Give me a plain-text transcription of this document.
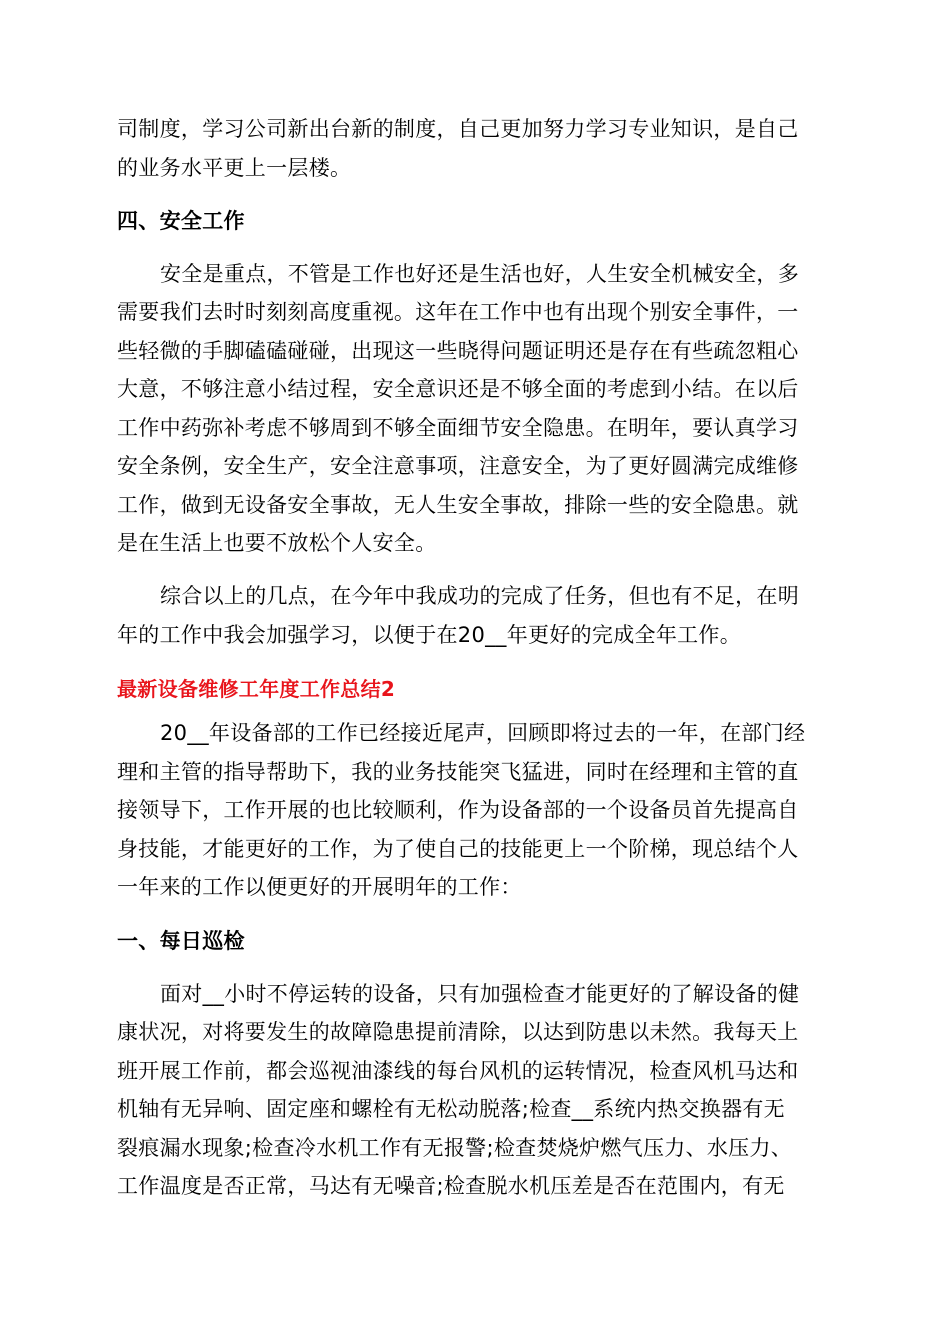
司制度，学习公司新出台新的制度，自己更加努力学习专业知识，是自己
的业务水平更上一层楼。
四、安全工作
安全是重点，不管是工作也好还是生活也好，人生安全机械安全，多
需要我们去时时刻刻高度重视。这年在工作中也有出现个别安全事件，一
些轻微的手脚磕磕碰碰，出现这一些晓得问题证明还是存在有些疏忽粗心
大意，不够注意小结过程，安全意识还是不够全面的考虑到小结。在以后
工作中药弥补考虑不够周到不够全面细节安全隐患。在明年，要认真学习
安全条例，安全生产，安全注意事项，注意安全，为了更好圆满完成维修
工作，做到无设备安全事故，无人生安全事故，排除一些的安全隐患。就
是在生活上也要不放松个人安全。
综合以上的几点，在今年中我成功的完成了任务，但也有不足，在明
年的工作中我会加强学习，以便于在20__年更好的完成全年工作。
最新设备维修工年度工作总结2
20__年设备部的工作已经接近尾声，回顾即将过去的一年，在部门经
理和主管的指导帮助下，我的业务技能突飞猛进，同时在经理和主管的直
接领导下，工作开展的也比较顺利，作为设备部的一个设备员首先提高自
身技能，才能更好的工作，为了使自己的技能更上一个阶梯，现总结个人
一年来的工作以便更好的开展明年的工作：
一、每日巡检
面对__小时不停运转的设备，只有加强检查才能更好的了解设备的健
康状况，对将要发生的故障隐患提前清除，以达到防患以未然。我每天上
班开展工作前，都会巡视油漆线的每台风机的运转情况，检查风机马达和
机轴有无异响、固定座和螺栓有无松动脱落;检查__系统内热交换器有无
裂痕漏水现象;检查冷水机工作有无报警;检查焚烧炉燃气压力、水压力、
工作温度是否正常，马达有无噪音;检查脱水机压差是否在范围内，有无
